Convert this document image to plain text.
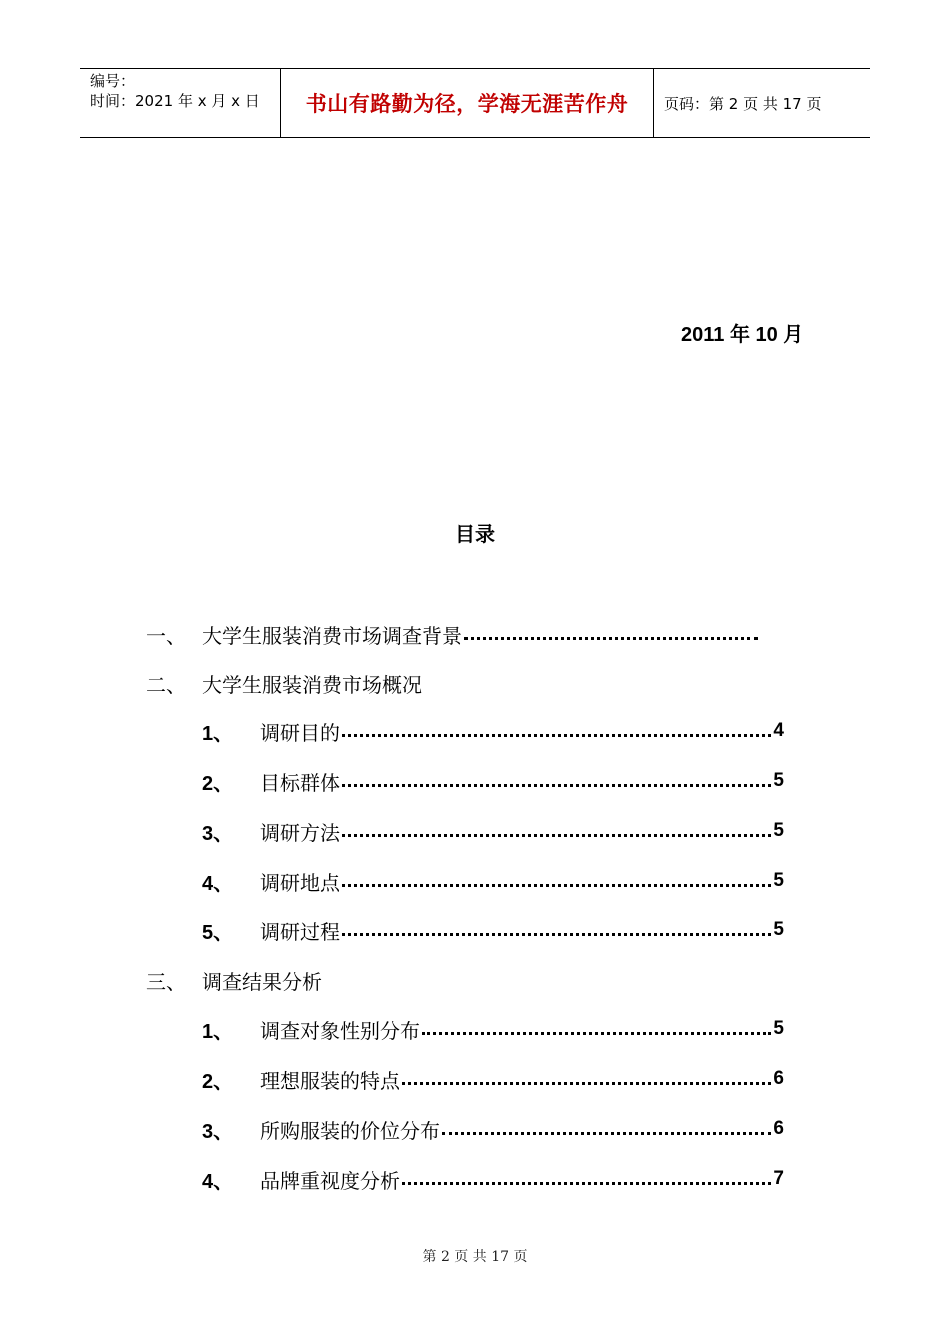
编号：
时间：2021 年 x 月 x 日	书山有路勤为径，学海无涯苦作舟	页码：第 2 页 共 17 页
2011 年 10 月
目录
一、 大学生服装消费市场调查背景
二、 大学生服装消费市场概况
1、	调研目的	4
2、	目标群体	5
3、	调研方法	5
4、	调研地点	5
5、	调研过程	5
三、 调查结果分析
1、	调查对象性别分布	5
2、	理想服装的特点	6
3、	所购服装的价位分布	6
4、	品牌重视度分析	7
第 2 页 共 17 页
